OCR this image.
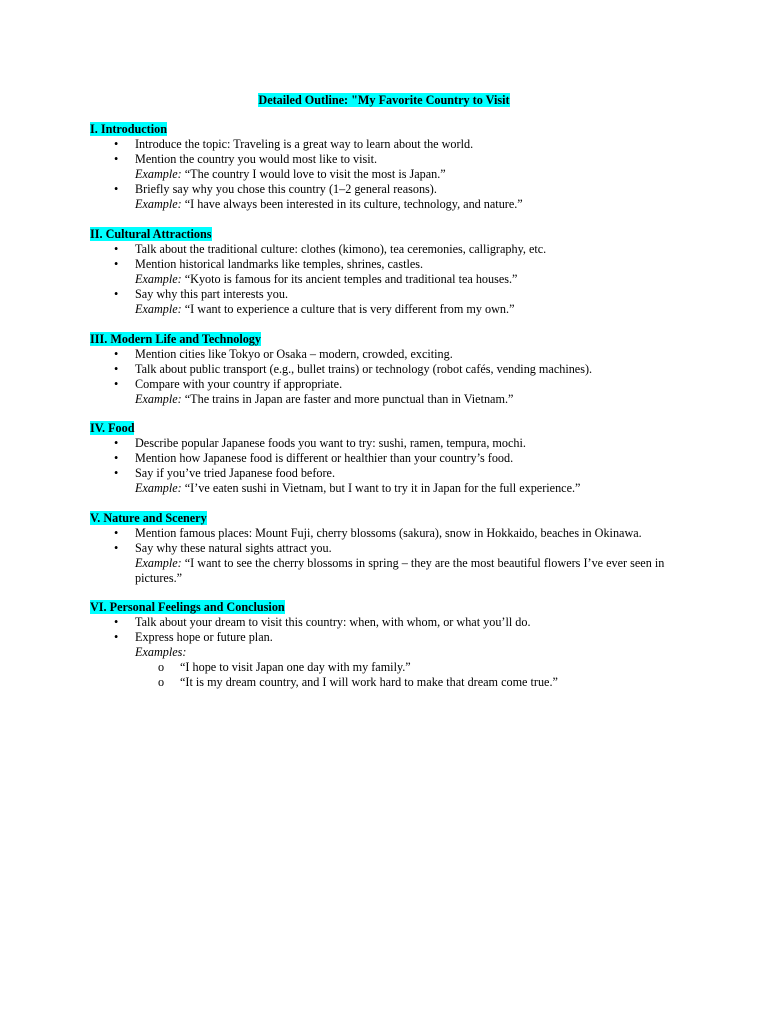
Detailed Outline: "My Favorite Country to Visit
I. Introduction
•	Introduce the topic: Traveling is a great way to learn about the world.
•	Mention the country you would most like to visit.
Example: “The country I would love to visit the most is Japan.”
•	Briefly say why you chose this country (1–2 general reasons).
Example: “I have always been interested in its culture, technology, and nature.”
II. Cultural Attractions
•	Talk about the traditional culture: clothes (kimono), tea ceremonies, calligraphy, etc.
•	Mention historical landmarks like temples, shrines, castles.
Example: “Kyoto is famous for its ancient temples and traditional tea houses.”
•	Say why this part interests you.
Example: “I want to experience a culture that is very different from my own.”
III. Modern Life and Technology
•	Mention cities like Tokyo or Osaka – modern, crowded, exciting.
•	Talk about public transport (e.g., bullet trains) or technology (robot cafés, vending machines).
•	Compare with your country if appropriate.
Example: “The trains in Japan are faster and more punctual than in Vietnam.”
IV. Food
•	Describe popular Japanese foods you want to try: sushi, ramen, tempura, mochi.
•	Mention how Japanese food is different or healthier than your country’s food.
•	Say if you’ve tried Japanese food before.
Example: “I’ve eaten sushi in Vietnam, but I want to try it in Japan for the full experience.”
V. Nature and Scenery
•	Mention famous places: Mount Fuji, cherry blossoms (sakura), snow in Hokkaido, beaches in Okinawa.
•	Say why these natural sights attract you.
Example: “I want to see the cherry blossoms in spring – they are the most beautiful flowers I’ve ever seen in pictures.”
VI. Personal Feelings and Conclusion
•	Talk about your dream to visit this country: when, with whom, or what you’ll do.
•	Express hope or future plan.
Examples:
o “I hope to visit Japan one day with my family.”
o “It is my dream country, and I will work hard to make that dream come true.”
